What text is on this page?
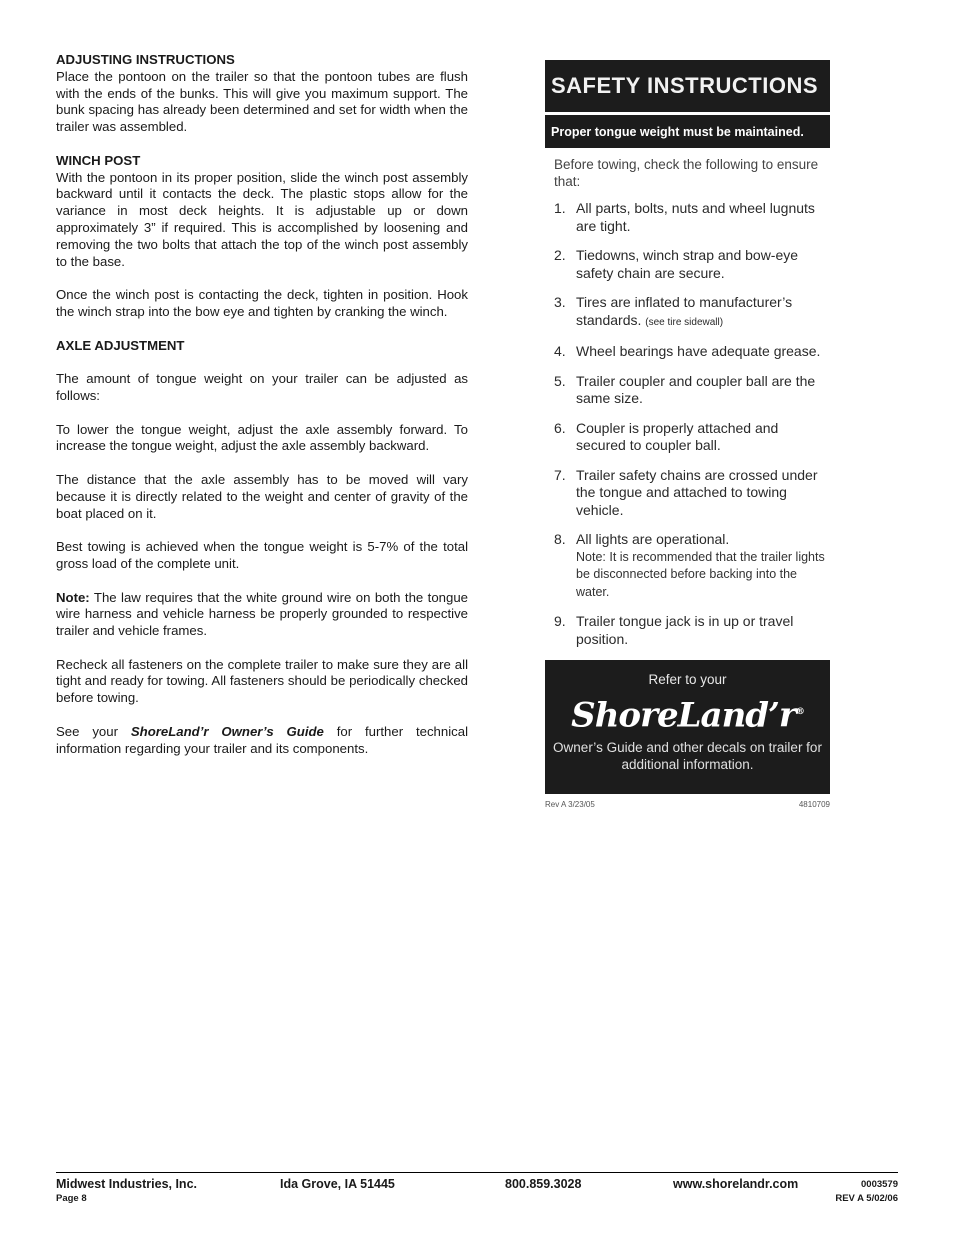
ADJUSTING INSTRUCTIONS

Place the pontoon on the trailer so that the pontoon tubes are flush with the ends of the bunks. This will give you maximum support. The bunk spacing has already been determined and set for width when the trailer was assembled.

WINCH POST

With the pontoon in its proper position, slide the winch post assembly backward until it contacts the deck. The plastic stops allow for the variance in most deck heights. It is adjustable up or down approximately 3” if required. This is accomplished by loosening and removing the two bolts that attach the top of the winch post assembly to the base.

Once the winch post is contacting the deck, tighten in position. Hook the winch strap into the bow eye and tighten by cranking the winch.

AXLE ADJUSTMENT

The amount of tongue weight on your trailer can be adjusted as follows:

To lower the tongue weight, adjust the axle assembly forward. To increase the tongue weight, adjust the axle assembly backward.

The distance that the axle assembly has to be moved will vary because it is directly related to the weight and center of gravity of the boat placed on it.

Best towing is achieved when the tongue weight is 5-7% of the total gross load of the complete unit.

Note: The law requires that the white ground wire on both the tongue wire harness and vehicle harness be properly grounded to respective trailer and vehicle frames.

Recheck all fasteners on the complete trailer to make sure they are all tight and ready for towing. All fasteners should be periodically checked before towing.

See your ShoreLand’r Owner’s Guide for further technical information regarding your trailer and its components.

SAFETY INSTRUCTIONS
Proper tongue weight must be maintained.
Before towing, check the following to ensure that:
1. All parts, bolts, nuts and wheel lugnuts are tight.
2. Tiedowns, winch strap and bow-eye safety chain are secure.
3. Tires are inflated to manufacturer’s standards. (see tire sidewall)
4. Wheel bearings have adequate grease.
5. Trailer coupler and coupler ball are the same size.
6. Coupler is properly attached and secured to coupler ball.
7. Trailer safety chains are crossed under the tongue and attached to towing vehicle.
8. All lights are operational.
Note: It is recommended that the trailer lights be disconnected before backing into the water.
9. Trailer tongue jack is in up or travel position.
Refer to your
ShoreLand’r®
Owner’s Guide and other decals on trailer for additional information.
Rev A 3/23/05	4810709
Midwest Industries, Inc.	Ida Grove, IA 51445	800.859.3028	www.shorelandr.com	0003579
Page 8	REV A 5/02/06
